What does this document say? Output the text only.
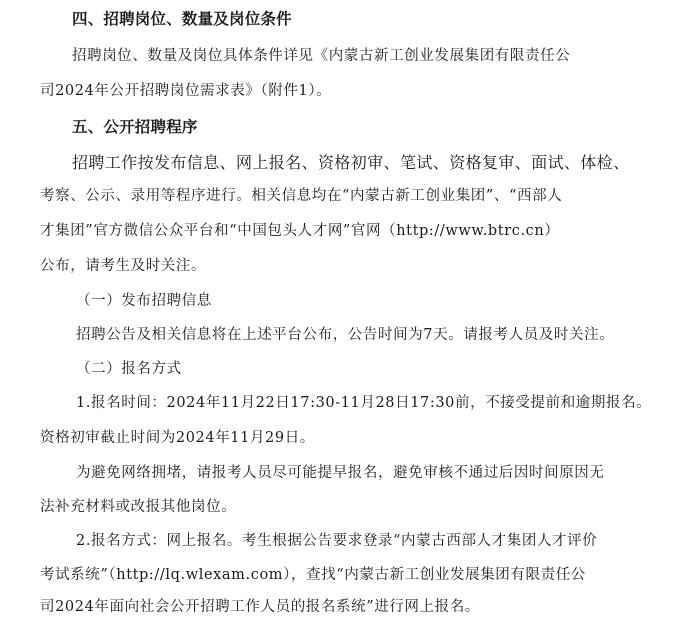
四、招聘岗位、数量及岗位条件
招聘岗位、数量及岗位具体条件详见《内蒙古新工创业发展集团有限责任公
司2024年公开招聘岗位需求表》（附件1）。
五、公开招聘程序
招聘工作按发布信息、网上报名、资格初审、笔试、资格复审、面试、体检、
考察、公示、录用等程序进行。相关信息均在“内蒙古新工创业集团”、“西部人
才集团”官方微信公众平台和“中国包头人才网”官网（http://www.btrc.cn）
公布，请考生及时关注。
（一）发布招聘信息
招聘公告及相关信息将在上述平台公布，公告时间为7天。请报考人员及时关注。
（二）报名方式
1.报名时间：2024年11月22日17:30-11月28日17:30前，不接受提前和逾期报名。
资格初审截止时间为2024年11月29日。
为避免网络拥堵，请报考人员尽可能提早报名，避免审核不通过后因时间原因无
法补充材料或改报其他岗位。
2.报名方式：网上报名。考生根据公告要求登录“内蒙古西部人才集团人才评价
考试系统”（http://lq.wlexam.com），查找“内蒙古新工创业发展集团有限责任公
司2024年面向社会公开招聘工作人员的报名系统”进行网上报名。
